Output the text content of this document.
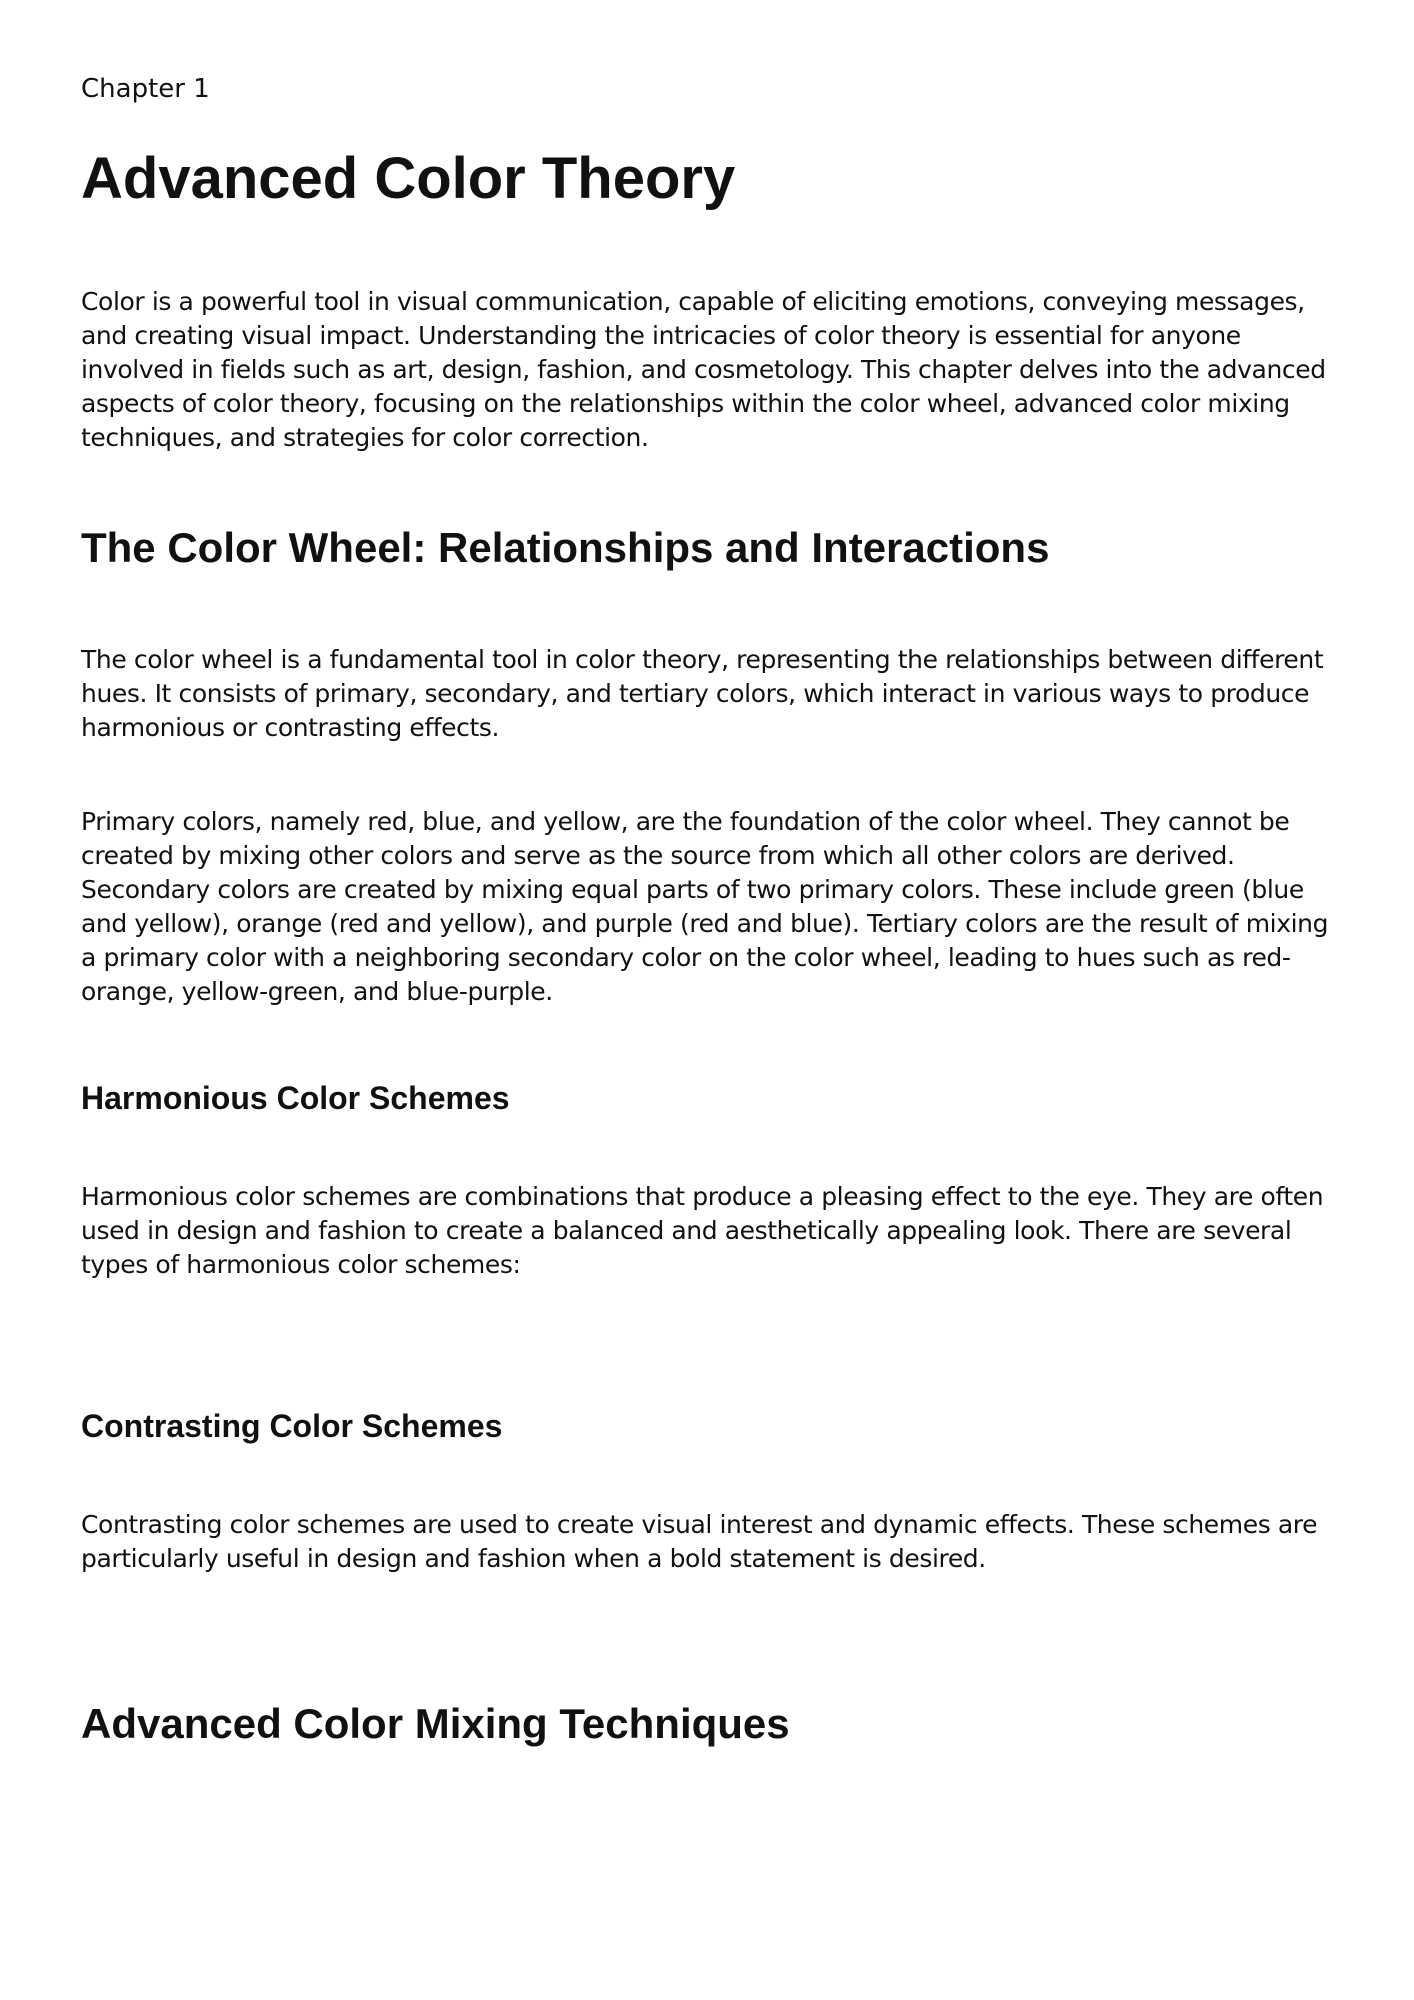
Chapter 1

Advanced Color Theory

Color is a powerful tool in visual communication, capable of eliciting emotions, conveying messages, and creating visual impact. Understanding the intricacies of color theory is essential for anyone involved in fields such as art, design, fashion, and cosmetology. This chapter delves into the advanced aspects of color theory, focusing on the relationships within the color wheel, advanced color mixing techniques, and strategies for color correction.

The Color Wheel: Relationships and Interactions

The color wheel is a fundamental tool in color theory, representing the relationships between different hues. It consists of primary, secondary, and tertiary colors, which interact in various ways to produce harmonious or contrasting effects.

Primary colors, namely red, blue, and yellow, are the foundation of the color wheel. They cannot be created by mixing other colors and serve as the source from which all other colors are derived. Secondary colors are created by mixing equal parts of two primary colors. These include green (blue and yellow), orange (red and yellow), and purple (red and blue). Tertiary colors are the result of mixing a primary color with a neighboring secondary color on the color wheel, leading to hues such as red-orange, yellow-green, and blue-purple.

Harmonious Color Schemes

Harmonious color schemes are combinations that produce a pleasing effect to the eye. They are often used in design and fashion to create a balanced and aesthetically appealing look. There are several types of harmonious color schemes:

Contrasting Color Schemes

Contrasting color schemes are used to create visual interest and dynamic effects. These schemes are particularly useful in design and fashion when a bold statement is desired.

Advanced Color Mixing Techniques
